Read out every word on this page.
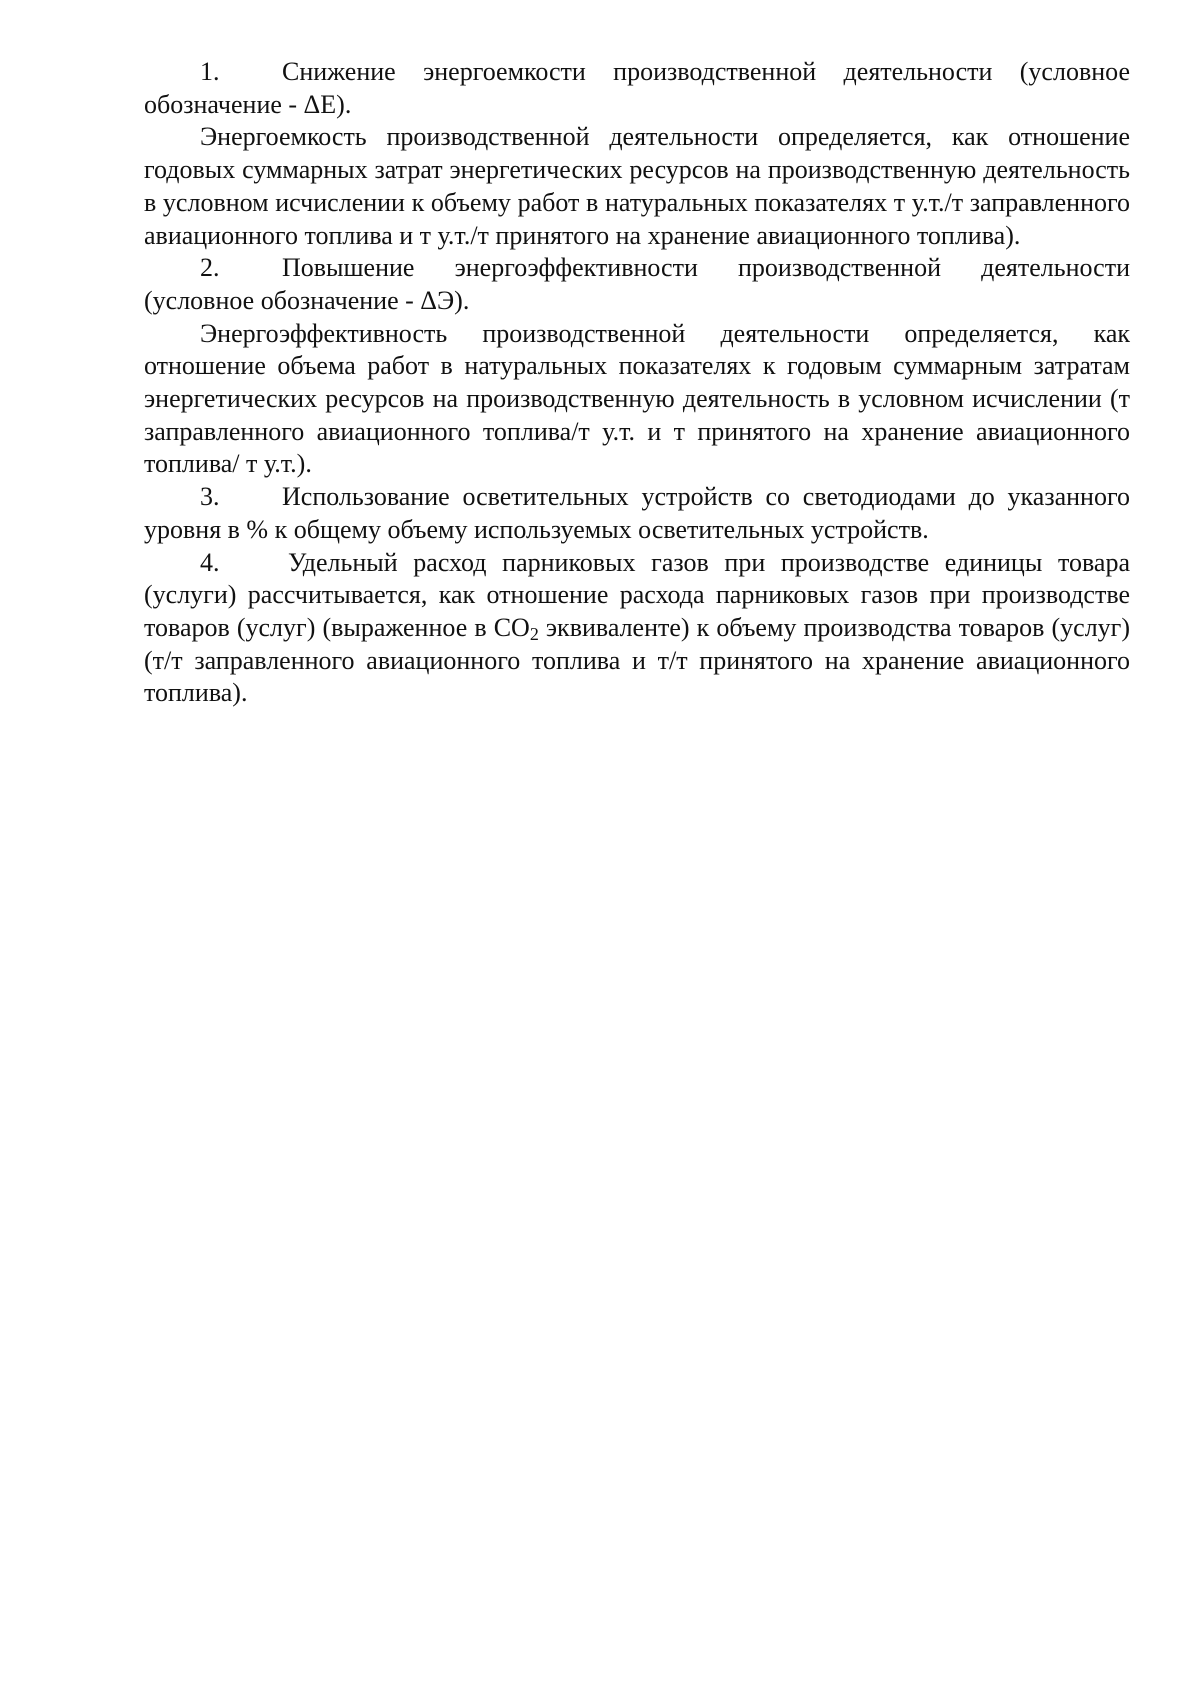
1. Снижение энергоемкости производственной деятельности (условное обозначение - ΔЕ).

Энергоемкость производственной деятельности определяется, как отношение годовых суммарных затрат энергетических ресурсов на производственную деятельность в условном исчислении к объему работ в натуральных показателях т у.т./т заправленного авиационного топлива и т у.т./т принятого на хранение авиационного топлива).

2. Повышение энергоэффективности производственной деятельности (условное обозначение - ΔЭ).

Энергоэффективность производственной деятельности определяется, как отношение объема работ в натуральных показателях к годовым суммарным затратам энергетических ресурсов на производственную деятельность в условном исчислении (т заправленного авиационного топлива/т у.т. и т принятого на хранение авиационного топлива/ т у.т.).

3. Использование осветительных устройств со светодиодами до указанного уровня в % к общему объему используемых осветительных устройств.

4.	Удельный расход парниковых газов при производстве единицы товара (услуги) рассчитывается, как отношение расхода парниковых газов при производстве товаров (услуг) (выраженное в $CO_2$ эквиваленте) к объему производства товаров (услуг) (т/т заправленного авиационного топлива и т/т принятого на хранение авиационного топлива).
